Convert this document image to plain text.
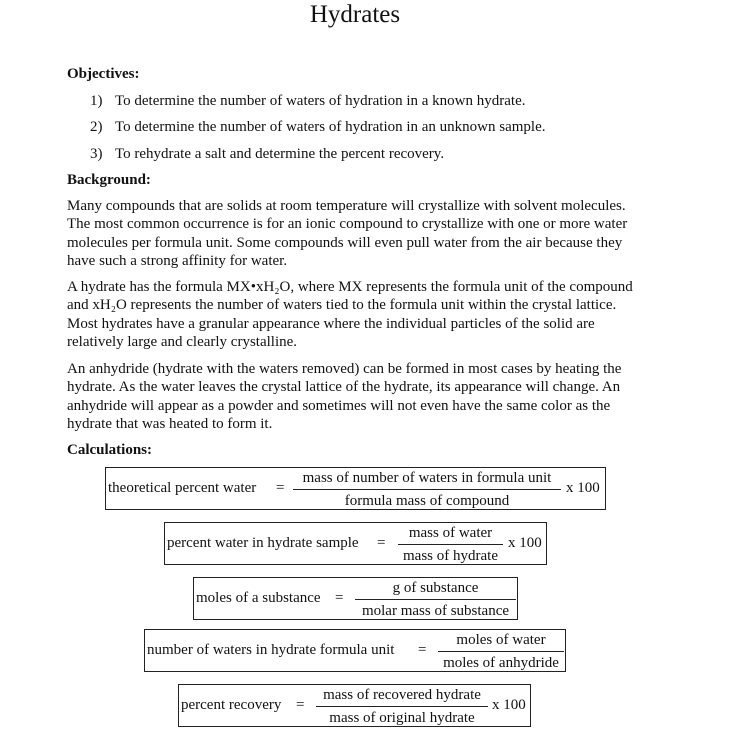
Hydrates
Objectives:
1) To determine the number of waters of hydration in a known hydrate.
2) To determine the number of waters of hydration in an unknown sample.
3) To rehydrate a salt and determine the percent recovery.
Background:
Many compounds that are solids at room temperature will crystallize with solvent molecules. The most common occurrence is for an ionic compound to crystallize with one or more water molecules per formula unit. Some compounds will even pull water from the air because they have such a strong affinity for water.
A hydrate has the formula MX•xH₂O, where MX represents the formula unit of the compound and xH₂O represents the number of waters tied to the formula unit within the crystal lattice. Most hydrates have a granular appearance where the individual particles of the solid are relatively large and clearly crystalline.
An anhydride (hydrate with the waters removed) can be formed in most cases by heating the hydrate. As the water leaves the crystal lattice of the hydrate, its appearance will change. An anhydride will appear as a powder and sometimes will not even have the same color as the hydrate that was heated to form it.
Calculations:
theoretical percent water =
mass of number of waters in formula unit
formula mass of compound
x 100
percent water in hydrate sample =
mass of water
mass of hydrate
x 100
moles of a substance =
g of substance
molar mass of substance
number of waters in hydrate formula unit =
moles of water
moles of anhydride
percent recovery =
mass of recovered hydrate
mass of original hydrate
x 100
